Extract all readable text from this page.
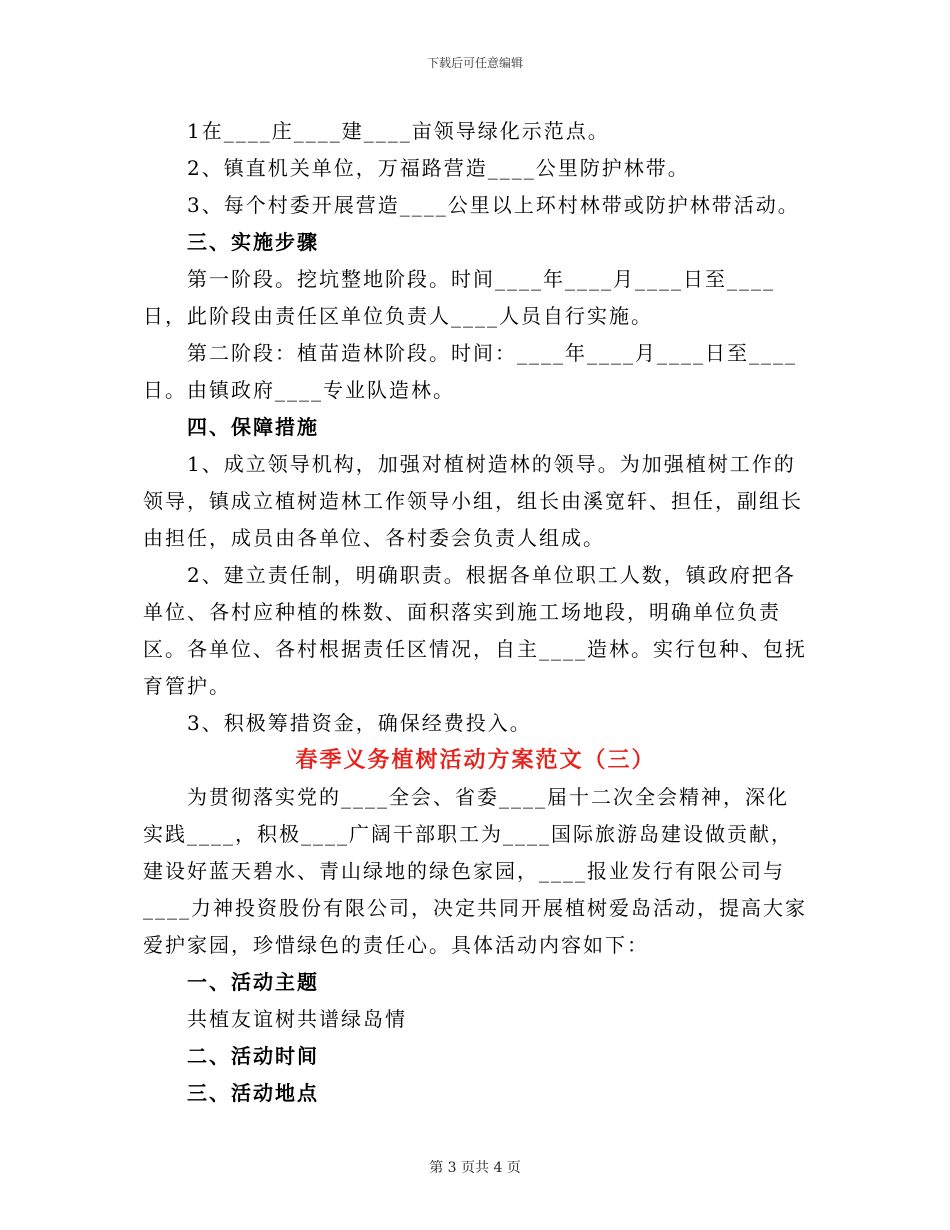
下载后可任意编辑

1在____庄____建____亩领导绿化示范点。

2、镇直机关单位，万福路营造____公里防护林带。

3、每个村委开展营造____公里以上环村林带或防护林带活动。

三、实施步骤

第一阶段。挖坑整地阶段。时间____年____月____日至____日，此阶段由责任区单位负责人____人员自行实施。

第二阶段：植苗造林阶段。时间：____年____月____日至____日。由镇政府____专业队造林。

四、保障措施

1、成立领导机构，加强对植树造林的领导。为加强植树工作的领导，镇成立植树造林工作领导小组，组长由溪宽轩、担任，副组长由担任，成员由各单位、各村委会负责人组成。

2、建立责任制，明确职责。根据各单位职工人数，镇政府把各单位、各村应种植的株数、面积落实到施工场地段，明确单位负责区。各单位、各村根据责任区情况，自主____造林。实行包种、包抚育管护。

3、积极筹措资金，确保经费投入。

春季义务植树活动方案范文（三）

为贯彻落实党的____全会、省委____届十二次全会精神，深化实践____，积极____广阔干部职工为____国际旅游岛建设做贡献，建设好蓝天碧水、青山绿地的绿色家园，____报业发行有限公司与____力神投资股份有限公司，决定共同开展植树爱岛活动，提高大家爱护家园，珍惜绿色的责任心。具体活动内容如下：

一、活动主题

共植友谊树共谱绿岛情

二、活动时间

三、活动地点

第 3 页共 4 页
